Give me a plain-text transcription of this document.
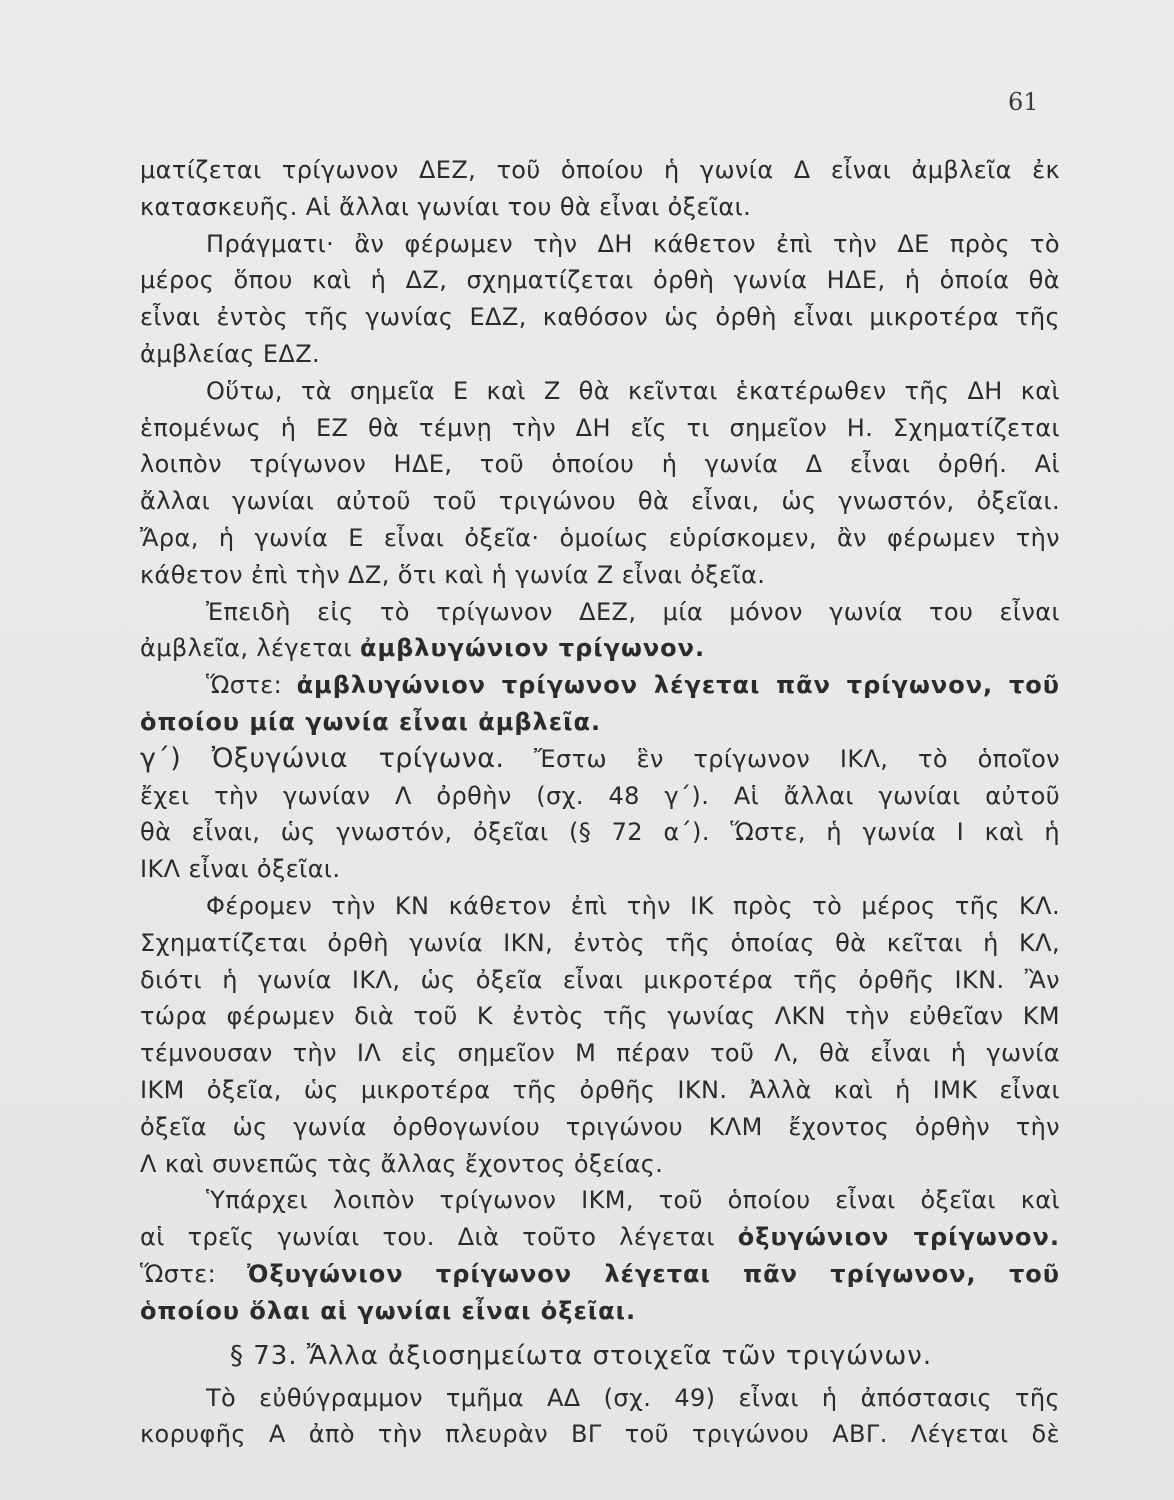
61
ματίζεται τρίγωνον ΔΕΖ, τοῦ ὁποίου ἡ γωνία Δ εἶναι ἀμβλεῖα ἐκ
κατασκευῆς. Αἱ ἄλλαι γωνίαι του θὰ εἶναι ὀξεῖαι.
Πράγματι· ἂν φέρωμεν τὴν ΔΗ κάθετον ἐπὶ τὴν ΔΕ πρὸς τὸ
μέρος ὅπου καὶ ἡ ΔΖ, σχηματίζεται ὀρθὴ γωνία ΗΔΕ, ἡ ὁποία θὰ
εἶναι ἐντὸς τῆς γωνίας ΕΔΖ, καθόσον ὡς ὀρθὴ εἶναι μικροτέρα τῆς
ἀμβλείας ΕΔΖ.
Οὕτω, τὰ σημεῖα Ε καὶ Ζ θὰ κεῖνται ἑκατέρωθεν τῆς ΔΗ καὶ
ἑπομένως ἡ ΕΖ θὰ τέμνῃ τὴν ΔΗ εἴς τι σημεῖον Η. Σχηματίζεται
λοιπὸν τρίγωνον ΗΔΕ, τοῦ ὁποίου ἡ γωνία Δ εἶναι ὀρθή. Αἱ
ἄλλαι γωνίαι αὐτοῦ τοῦ τριγώνου θὰ εἶναι, ὡς γνωστόν, ὀξεῖαι.
Ἄρα, ἡ γωνία Ε εἶναι ὀξεῖα· ὁμοίως εὑρίσκομεν, ἂν φέρωμεν τὴν
κάθετον ἐπὶ τὴν ΔΖ, ὅτι καὶ ἡ γωνία Ζ εἶναι ὀξεῖα.
Ἐπειδὴ εἰς τὸ τρίγωνον ΔΕΖ, μία μόνον γωνία του εἶναι
ἀμβλεῖα, λέγεται ἀμβλυγώνιον τρίγωνον.
Ὥστε: ἀμβλυγώνιον τρίγωνον λέγεται πᾶν τρίγωνον, τοῦ
ὁποίου μία γωνία εἶναι ἀμβλεῖα.
γ΄) Ὀξυγώνια τρίγωνα. Ἔστω ἓν τρίγωνον ΙΚΛ, τὸ ὁποῖον
ἔχει τὴν γωνίαν Λ ὀρθὴν (σχ. 48 γ΄). Αἱ ἄλλαι γωνίαι αὐτοῦ
θὰ εἶναι, ὡς γνωστόν, ὀξεῖαι (§ 72 α΄). Ὥστε, ἡ γωνία Ι καὶ ἡ
ΙΚΛ εἶναι ὀξεῖαι.
Φέρομεν τὴν ΚΝ κάθετον ἐπὶ τὴν ΙΚ πρὸς τὸ μέρος τῆς ΚΛ.
Σχηματίζεται ὀρθὴ γωνία ΙΚΝ, ἐντὸς τῆς ὁποίας θὰ κεῖται ἡ ΚΛ,
διότι ἡ γωνία ΙΚΛ, ὡς ὀξεῖα εἶναι μικροτέρα τῆς ὀρθῆς ΙΚΝ. Ἂν
τώρα φέρωμεν διὰ τοῦ Κ ἐντὸς τῆς γωνίας ΛΚΝ τὴν εὐθεῖαν ΚΜ
τέμνουσαν τὴν ΙΛ εἰς σημεῖον Μ πέραν τοῦ Λ, θὰ εἶναι ἡ γωνία
ΙΚΜ ὀξεῖα, ὡς μικροτέρα τῆς ὀρθῆς ΙΚΝ. Ἀλλὰ καὶ ἡ ΙΜΚ εἶναι
ὀξεῖα ὡς γωνία ὀρθογωνίου τριγώνου ΚΛΜ ἔχοντος ὀρθὴν τὴν
Λ καὶ συνεπῶς τὰς ἄλλας ἔχοντος ὀξείας.
Ὑπάρχει λοιπὸν τρίγωνον ΙΚΜ, τοῦ ὁποίου εἶναι ὀξεῖαι καὶ
αἱ τρεῖς γωνίαι του. Διὰ τοῦτο λέγεται ὀξυγώνιον τρίγωνον.
Ὥστε: Ὀξυγώνιον τρίγωνον λέγεται πᾶν τρίγωνον, τοῦ
ὁποίου ὅλαι αἱ γωνίαι εἶναι ὀξεῖαι.
§ 73. Ἄλλα ἀξιοσημείωτα στοιχεῖα τῶν τριγώνων.
Τὸ εὐθύγραμμον τμῆμα ΑΔ (σχ. 49) εἶναι ἡ ἀπόστασις τῆς
κορυφῆς Α ἀπὸ τὴν πλευρὰν ΒΓ τοῦ τριγώνου ΑΒΓ. Λέγεται δὲ
